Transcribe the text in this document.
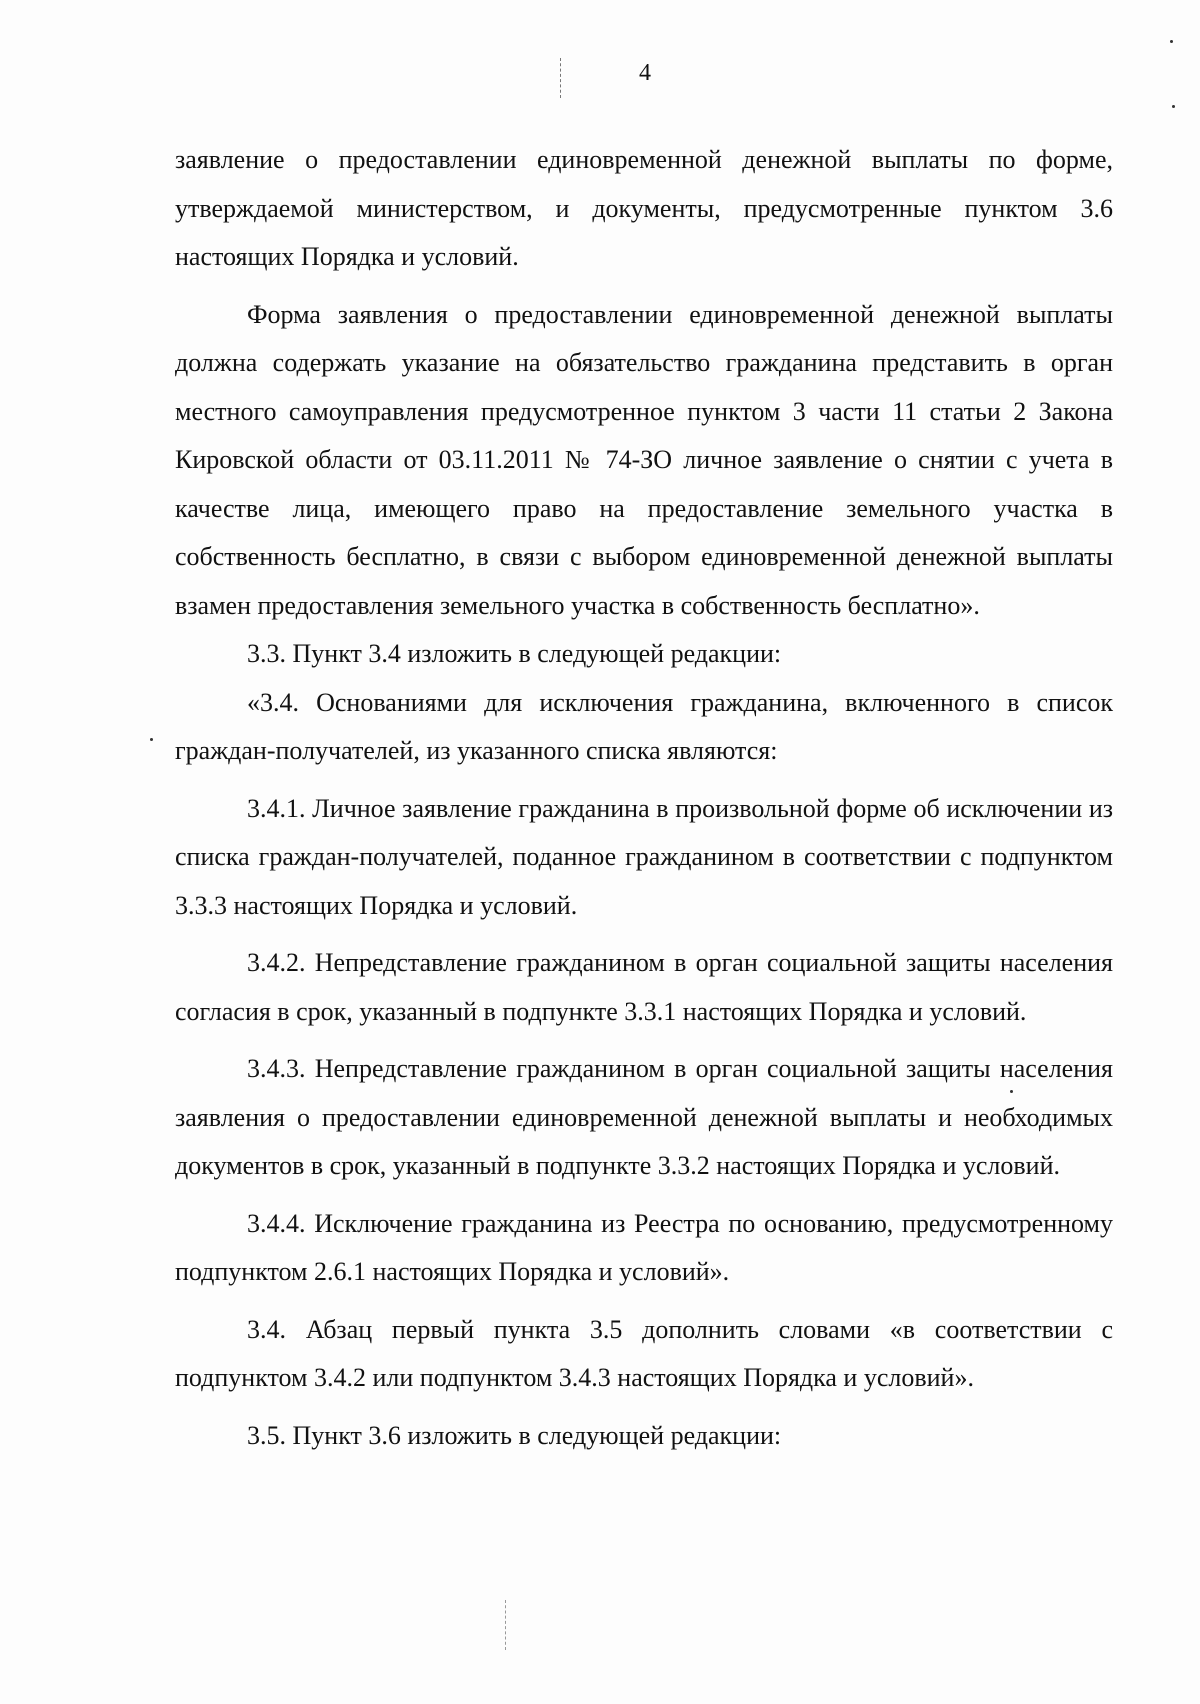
4

заявление о предоставлении единовременной денежной выплаты по форме, утверждаемой министерством, и документы, предусмотренные пунктом 3.6 настоящих Порядка и условий.

Форма заявления о предоставлении единовременной денежной выплаты должна содержать указание на обязательство гражданина представить в орган местного самоуправления предусмотренное пунктом 3 части 11 статьи 2 Закона Кировской области от 03.11.2011 № 74-ЗО личное заявление о снятии с учета в качестве лица, имеющего право на предоставление земельного участка в собственность бесплатно, в связи с выбором единовременной денежной выплаты взамен предоставления земельного участка в собственность бесплатно».

3.3. Пункт 3.4 изложить в следующей редакции:

«3.4. Основаниями для исключения гражданина, включенного в список граждан-получателей, из указанного списка являются:

3.4.1. Личное заявление гражданина в произвольной форме об исключении из списка граждан-получателей, поданное гражданином в соответствии с подпунктом 3.3.3 настоящих Порядка и условий.

3.4.2. Непредставление гражданином в орган социальной защиты населения согласия в срок, указанный в подпункте 3.3.1 настоящих Порядка и условий.

3.4.3. Непредставление гражданином в орган социальной защиты населения заявления о предоставлении единовременной денежной выплаты и необходимых документов в срок, указанный в подпункте 3.3.2 настоящих Порядка и условий.

3.4.4. Исключение гражданина из Реестра по основанию, предусмотренному подпунктом 2.6.1 настоящих Порядка и условий».

3.4. Абзац первый пункта 3.5 дополнить словами «в соответствии с подпунктом 3.4.2 или подпунктом 3.4.3 настоящих Порядка и условий».

3.5. Пункт 3.6 изложить в следующей редакции:
